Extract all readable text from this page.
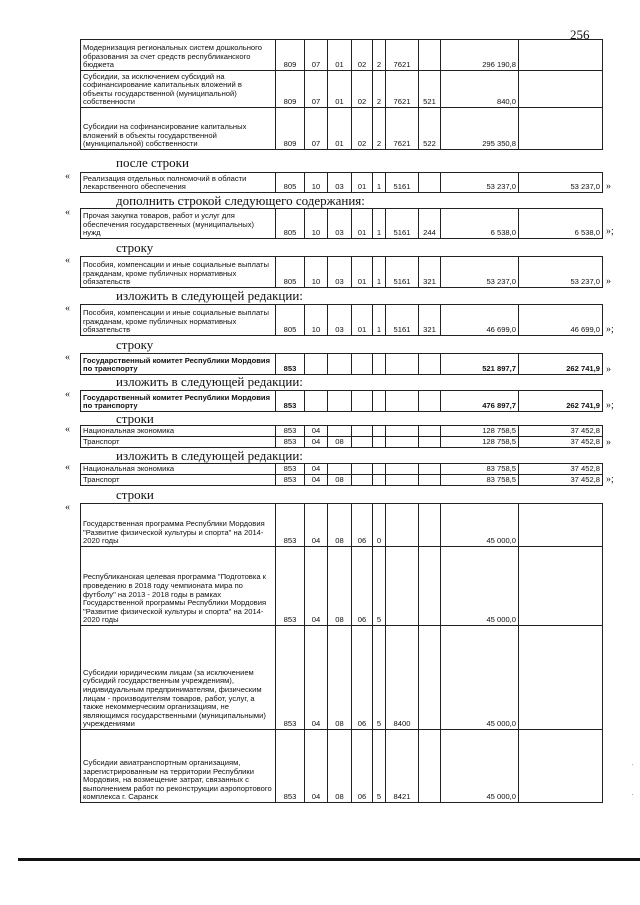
256
Модернизация региональных систем дошкольного образования за счет средств республиканского бюджета	809	07	01	02	2	7621		296 190,8	
Субсидии, за исключением субсидий на софинансирование капитальных вложений в объекты государственной (муниципальной) собственности	809	07	01	02	2	7621	521	840,0	
Субсидии на софинансирование капитальных вложений в объекты государственной (муниципальной) собственности	809	07	01	02	2	7621	522	295 350,8	
после строки
« Реализация отдельных полномочий в области лекарственного обеспечения	805	10	03	01	1	5161		53 237,0	53 237,0 »
дополнить строкой следующего содержания:
« Прочая закупка товаров, работ и услуг для обеспечения государственных (муниципальных) нужд	805	10	03	01	1	5161	244	6 538,0	6 538,0 »;
строку
« Пособия, компенсации и иные социальные выплаты гражданам, кроме публичных нормативных обязательств	805	10	03	01	1	5161	321	53 237,0	53 237,0 »
изложить в следующей редакции:
« Пособия, компенсации и иные социальные выплаты гражданам, кроме публичных нормативных обязательств	805	10	03	01	1	5161	321	46 699,0	46 699,0 »;
строку
« Государственный комитет Республики Мордовия по транспорту	853							521 897,7	262 741,9 »
изложить в следующей редакции:
« Государственный комитет Республики Мордовия по транспорту	853							476 897,7	262 741,9 »;
строки
« Национальная экономика	853	04						128 758,5	37 452,8
Транспорт	853	04	08					128 758,5	37 452,8 »
изложить в следующей редакции:
« Национальная экономика	853	04						83 758,5	37 452,8
Транспорт	853	04	08					83 758,5	37 452,8 »;
строки
«
Государственная программа Республики Мордовия "Развитие физической культуры и спорта" на 2014-2020 годы	853	04	08	06	0			45 000,0	
Республиканская целевая программа "Подготовка к проведению в 2018 году чемпионата мира по футболу" на 2013 - 2018 годы в рамках Государственной программы Республики Мордовия "Развитие физической культуры и спорта" на 2014-2020 годы	853	04	08	06	5			45 000,0	
Субсидии юридическим лицам (за исключением субсидий государственным учреждениям), индивидуальным предпринимателям, физическим лицам - производителям товаров, работ, услуг, а также некоммерческим организациям, не являющимся государственными (муниципальными) учреждениями	853	04	08	06	5	8400		45 000,0	
Субсидии авиатранспортным организациям, зарегистрированным на территории Республики Мордовия, на возмещение затрат, связанных с выполнением работ по реконструкции аэропортового комплекса г. Саранск	853	04	08	06	5	8421		45 000,0	
·
·
